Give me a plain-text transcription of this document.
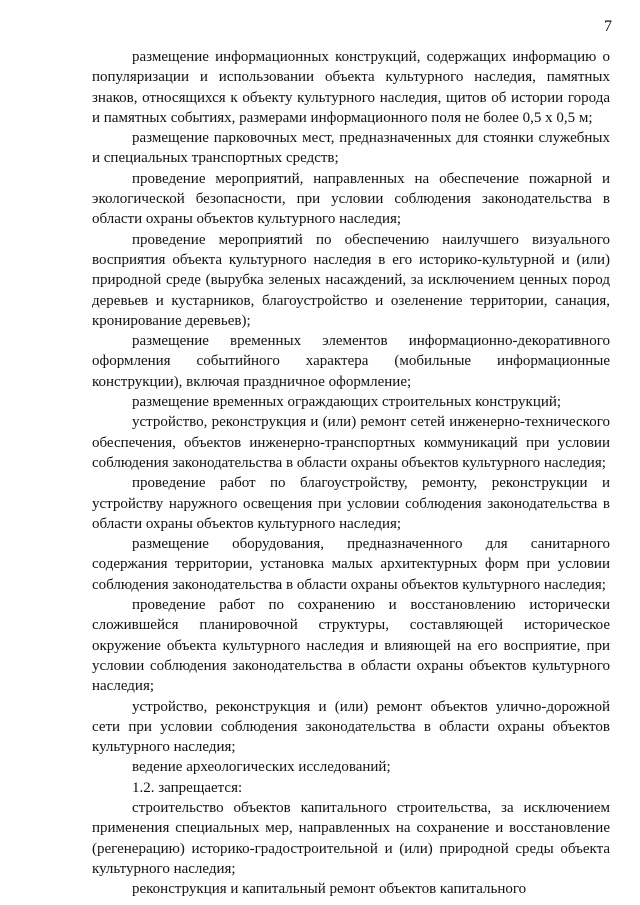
7

размещение информационных конструкций, содержащих информацию о популяризации и использовании объекта культурного наследия, памятных знаков, относящихся к объекту культурного наследия, щитов об истории города и памятных событиях, размерами информационного поля не более 0,5 х 0,5 м;

размещение парковочных мест, предназначенных для стоянки служебных и специальных транспортных средств;

проведение мероприятий, направленных на обеспечение пожарной и экологической безопасности, при условии соблюдения законодательства в области охраны объектов культурного наследия;

проведение мероприятий по обеспечению наилучшего визуального восприятия объекта культурного наследия в его историко-культурной и (или) природной среде (вырубка зеленых насаждений, за исключением ценных пород деревьев и кустарников, благоустройство и озеленение территории, санация, кронирование деревьев);

размещение временных элементов информационно-декоративного оформления событийного характера (мобильные информационные конструкции), включая праздничное оформление;

размещение временных ограждающих строительных конструкций;

устройство, реконструкция и (или) ремонт сетей инженерно-технического обеспечения, объектов инженерно-транспортных коммуникаций при условии соблюдения законодательства в области охраны объектов культурного наследия;

проведение работ по благоустройству, ремонту, реконструкции и устройству наружного освещения при условии соблюдения законодательства в области охраны объектов культурного наследия;

размещение оборудования, предназначенного для санитарного содержания территории, установка малых архитектурных форм при условии соблюдения законодательства в области охраны объектов культурного наследия;

проведение работ по сохранению и восстановлению исторически сложившейся планировочной структуры, составляющей историческое окружение объекта культурного наследия и влияющей на его восприятие, при условии соблюдения законодательства в области охраны объектов культурного наследия;

устройство, реконструкция и (или) ремонт объектов улично-дорожной сети при условии соблюдения законодательства в области охраны объектов культурного наследия;

ведение археологических исследований;

1.2. запрещается:

строительство объектов капитального строительства, за исключением применения специальных мер, направленных на сохранение и восстановление (регенерацию) историко-градостроительной и (или) природной среды объекта культурного наследия;

реконструкция и капитальный ремонт объектов капитального
